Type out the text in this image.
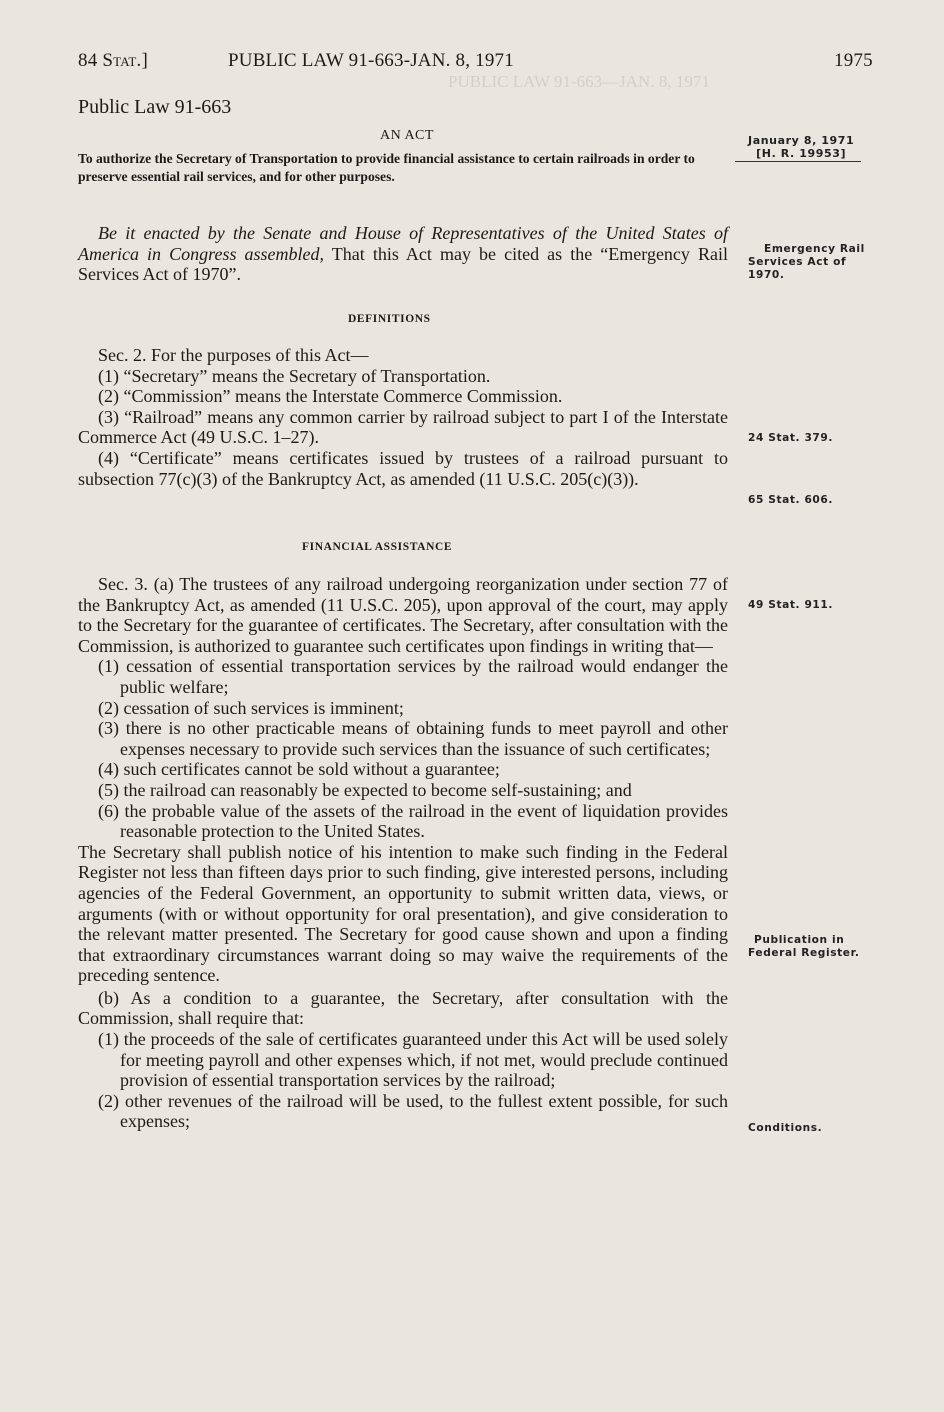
PUBLIC LAW 91-663—JAN. 8, 1971
84 Stat.]	PUBLIC LAW 91-663-JAN. 8, 1971	1975
Public Law 91-663
AN ACT	January 8, 1971
[H. R. 19953]
To authorize the Secretary of Transportation to provide financial assistance to certain railroads in order to preserve essential rail services, and for other purposes.

Be it enacted by the Senate and House of Representatives of the United States of America in Congress assembled, That this Act may be cited as the “Emergency Rail Services Act of 1970”.

Emergency Rail
Services Act of
1970.
DEFINITIONS

Sec. 2. For the purposes of this Act—

(1) “Secretary” means the Secretary of Transportation.

(2) “Commission” means the Interstate Commerce Commission.

(3) “Railroad” means any common carrier by railroad subject to part I of the Interstate Commerce Act (49 U.S.C. 1–27).

(4) “Certificate” means certificates issued by trustees of a railroad pursuant to subsection 77(c)(3) of the Bankruptcy Act, as amended (11 U.S.C. 205(c)(3)).

24 Stat. 379.
65 Stat. 606.
FINANCIAL ASSISTANCE

Sec. 3. (a) The trustees of any railroad undergoing reorganization under section 77 of the Bankruptcy Act, as amended (11 U.S.C. 205), upon approval of the court, may apply to the Secretary for the guarantee of certificates. The Secretary, after consultation with the Commission, is authorized to guarantee such certificates upon findings in writing that—

(1) cessation of essential transportation services by the railroad would endanger the public welfare;

(2) cessation of such services is imminent;

(3) there is no other practicable means of obtaining funds to meet payroll and other expenses necessary to provide such services than the issuance of such certificates;

(4) such certificates cannot be sold without a guarantee;

(5) the railroad can reasonably be expected to become self-sustaining; and

(6) the probable value of the assets of the railroad in the event of liquidation provides reasonable protection to the United States.

The Secretary shall publish notice of his intention to make such finding in the Federal Register not less than fifteen days prior to such finding, give interested persons, including agencies of the Federal Government, an opportunity to submit written data, views, or arguments (with or without opportunity for oral presentation), and give consideration to the relevant matter presented. The Secretary for good cause shown and upon a finding that extraordinary circumstances warrant doing so may waive the requirements of the preceding sentence.

(b) As a condition to a guarantee, the Secretary, after consultation with the Commission, shall require that:

(1) the proceeds of the sale of certificates guaranteed under this Act will be used solely for meeting payroll and other expenses which, if not met, would preclude continued provision of essential transportation services by the railroad;

(2) other revenues of the railroad will be used, to the fullest extent possible, for such expenses;

49 Stat. 911.
Publication in
Federal Register.
Conditions.
